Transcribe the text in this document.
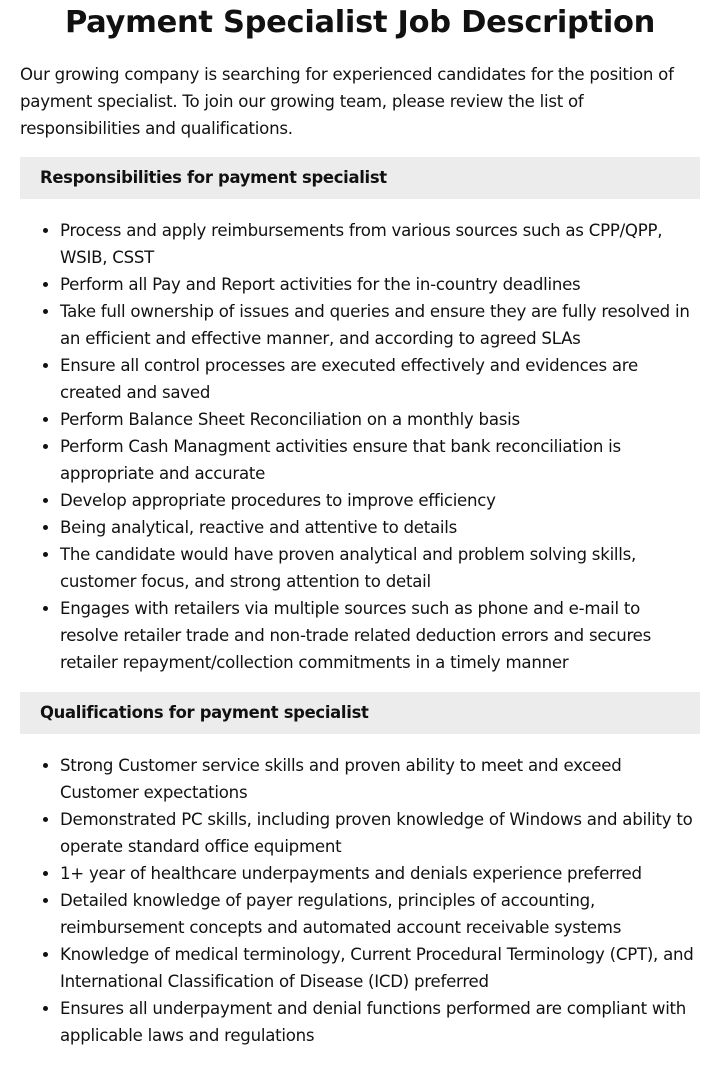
Payment Specialist Job Description

Our growing company is searching for experienced candidates for the position of payment specialist. To join our growing team, please review the list of responsibilities and qualifications.

Responsibilities for payment specialist
• Process and apply reimbursements from various sources such as CPP/QPP, WSIB, CSST
• Perform all Pay and Report activities for the in-country deadlines
• Take full ownership of issues and queries and ensure they are fully resolved in an efficient and effective manner, and according to agreed SLAs
• Ensure all control processes are executed effectively and evidences are created and saved
• Perform Balance Sheet Reconciliation on a monthly basis
• Perform Cash Managment activities ensure that bank reconciliation is appropriate and accurate
• Develop appropriate procedures to improve efficiency
• Being analytical, reactive and attentive to details
• The candidate would have proven analytical and problem solving skills, customer focus, and strong attention to detail
• Engages with retailers via multiple sources such as phone and e-mail to resolve retailer trade and non-trade related deduction errors and secures retailer repayment/collection commitments in a timely manner
Qualifications for payment specialist
• Strong Customer service skills and proven ability to meet and exceed Customer expectations
• Demonstrated PC skills, including proven knowledge of Windows and ability to operate standard office equipment
• 1+ year of healthcare underpayments and denials experience preferred
• Detailed knowledge of payer regulations, principles of accounting, reimbursement concepts and automated account receivable systems
• Knowledge of medical terminology, Current Procedural Terminology (CPT), and International Classification of Disease (ICD) preferred
• Ensures all underpayment and denial functions performed are compliant with applicable laws and regulations
